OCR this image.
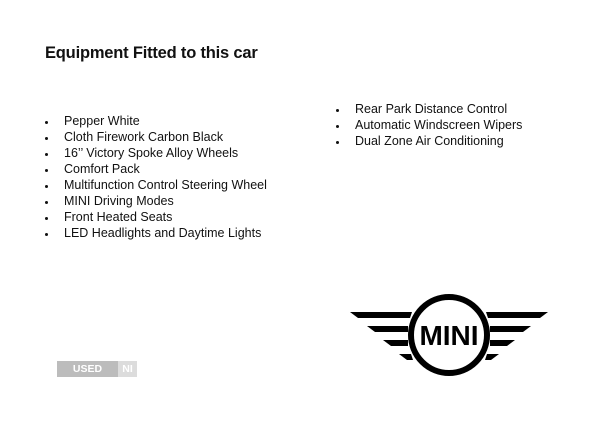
Equipment Fitted to this car
Pepper White
Cloth Firework Carbon Black
16’’ Victory Spoke Alloy Wheels
Comfort Pack
Multifunction Control Steering Wheel
MINI Driving Modes
Front Heated Seats
LED Headlights and Daytime Lights
Rear Park Distance Control
Automatic Windscreen Wipers
Dual Zone Air Conditioning
USED CARS
NI
MINI
